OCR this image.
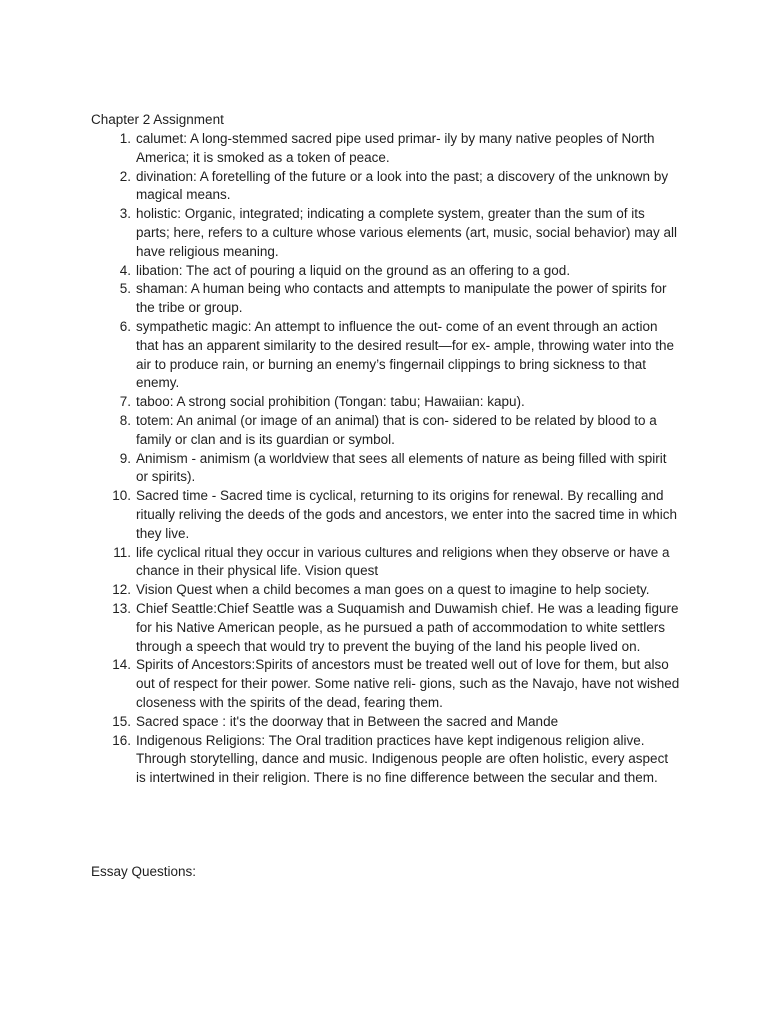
Chapter 2 Assignment

1. calumet: A long-stemmed sacred pipe used primar- ily by many native peoples of North America; it is smoked as a token of peace.
2. divination: A foretelling of the future or a look into the past; a discovery of the unknown by magical means.
3. holistic: Organic, integrated; indicating a complete system, greater than the sum of its parts; here, refers to a culture whose various elements (art, music, social behavior) may all have religious meaning.
4. libation: The act of pouring a liquid on the ground as an offering to a god.
5. shaman: A human being who contacts and attempts to manipulate the power of spirits for the tribe or group.
6. sympathetic magic: An attempt to influence the out- come of an event through an action that has an apparent similarity to the desired result—for ex- ample, throwing water into the air to produce rain, or burning an enemy’s fingernail clippings to bring sickness to that enemy.
7. taboo: A strong social prohibition (Tongan: tabu; Hawaiian: kapu).
8. totem: An animal (or image of an animal) that is con- sidered to be related by blood to a family or clan and is its guardian or symbol.
9. Animism - animism (a worldview that sees all elements of nature as being filled with spirit or spirits).
10. Sacred time - Sacred time is cyclical, returning to its origins for renewal. By recalling and ritually reliving the deeds of the gods and ancestors, we enter into the sacred time in which they live.
11. life cyclical ritual they occur in various cultures and religions when they observe or have a chance in their physical life. Vision quest
12. Vision Quest when a child becomes a man goes on a quest to imagine to help society.
13. Chief Seattle:Chief Seattle was a Suquamish and Duwamish chief. He was a leading figure for his Native American people, as he pursued a path of accommodation to white settlers through a speech that would try to prevent the buying of the land his people lived on.
14. Spirits of Ancestors:Spirits of ancestors must be treated well out of love for them, but also out of respect for their power. Some native reli- gions, such as the Navajo, have not wished closeness with the spirits of the dead, fearing them.
15. Sacred space : it's the doorway that in Between the sacred and Mande
16. Indigenous Religions: The Oral tradition practices have kept indigenous religion alive. Through storytelling, dance and music. Indigenous people are often holistic, every aspect is intertwined in their religion. There is no fine difference between the secular and them.

Essay Questions:
